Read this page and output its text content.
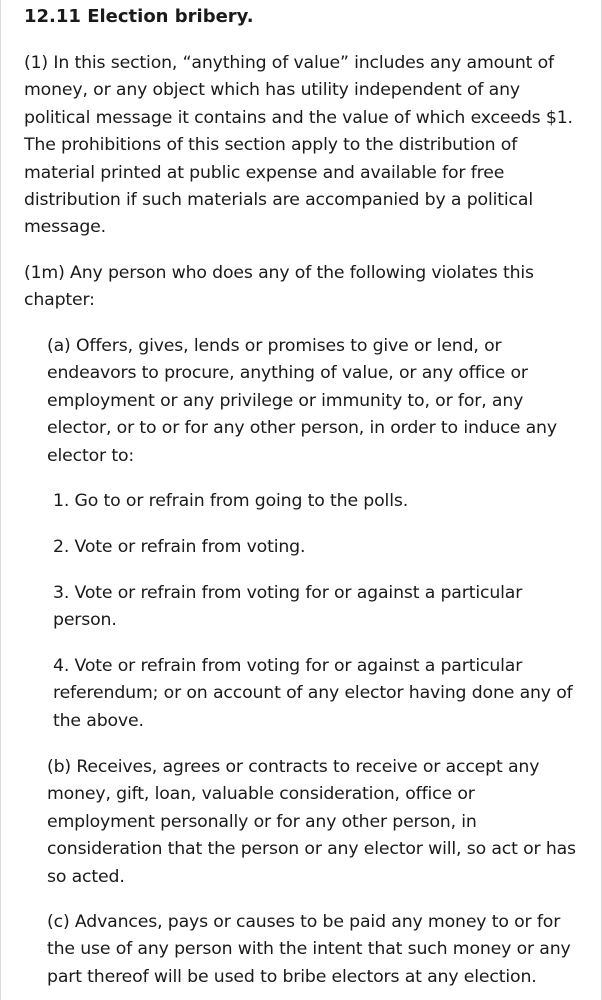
12.11 Election bribery.

(1) In this section, “anything of value” includes any amount of
money, or any object which has utility independent of any
political message it contains and the value of which exceeds $1.
The prohibitions of this section apply to the distribution of
material printed at public expense and available for free
distribution if such materials are accompanied by a political
message.

(1m) Any person who does any of the following violates this
chapter:

(a) Offers, gives, lends or promises to give or lend, or
endeavors to procure, anything of value, or any office or
employment or any privilege or immunity to, or for, any
elector, or to or for any other person, in order to induce any
elector to:

1. Go to or refrain from going to the polls.

2. Vote or refrain from voting.

3. Vote or refrain from voting for or against a particular
person.

4. Vote or refrain from voting for or against a particular
referendum; or on account of any elector having done any of
the above.

(b) Receives, agrees or contracts to receive or accept any
money, gift, loan, valuable consideration, office or
employment personally or for any other person, in
consideration that the person or any elector will, so act or has
so acted.

(c) Advances, pays or causes to be paid any money to or for
the use of any person with the intent that such money or any
part thereof will be used to bribe electors at any election.
